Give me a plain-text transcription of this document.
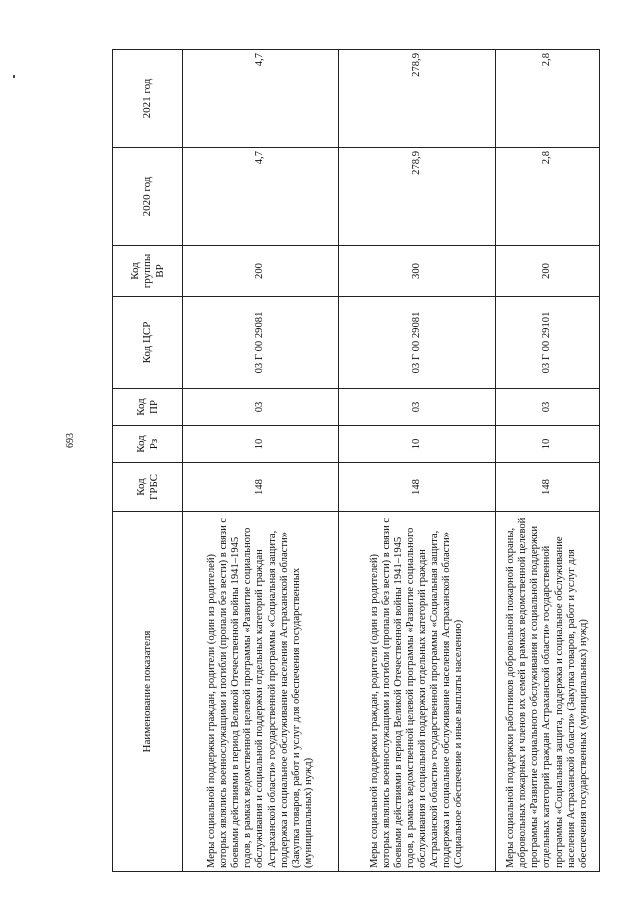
693
Наименование показателя	Код ГРБС	Код Рз	Код ПР	Код ЦСР	Код группы ВР	2020 год	2021 год
Меры социальной поддержки граждан, родители (один из родителей) которых являлись военнослужащими и погибли (пропали без вести) в связи с боевыми действиями в период Великой Отечественной войны 1941–1945 годов, в рамках ведомственной целевой программы «Развитие социального обслуживания и социальной поддержки отдельных категорий граждан Астраханской области» государственной программы «Социальная защита, поддержка и социальное обслуживание населения Астраханской области» (Закупка товаров, работ и услуг для обеспечения государственных (муниципальных) нужд)	148	10	03	03 Г 00 29081	200	4,7	4,7
Меры социальной поддержки граждан, родители (один из родителей) которых являлись военнослужащими и погибли (пропали без вести) в связи с боевыми действиями в период Великой Отечественной войны 1941–1945 годов, в рамках ведомственной целевой программы «Развитие социального обслуживания и социальной поддержки отдельных категорий граждан Астраханской области» государственной программы «Социальная защита, поддержка и социальное обслуживание населения Астраханской области» (Социальное обеспечение и иные выплаты населению)	148	10	03	03 Г 00 29081	300	278,9	278,9
Меры социальной поддержки работников добровольной пожарной охраны, добровольных пожарных и членов их семей в рамках ведомственной целевой программы «Развитие социального обслуживания и социальной поддержки отдельных категорий граждан Астраханской области» государственной программы «Социальная защита, поддержка и социальное обслуживание населения Астраханской области» (Закупка товаров, работ и услуг для обеспечения государственных (муниципальных) нужд)	148	10	03	03 Г 00 29101	200	2,8	2,8
